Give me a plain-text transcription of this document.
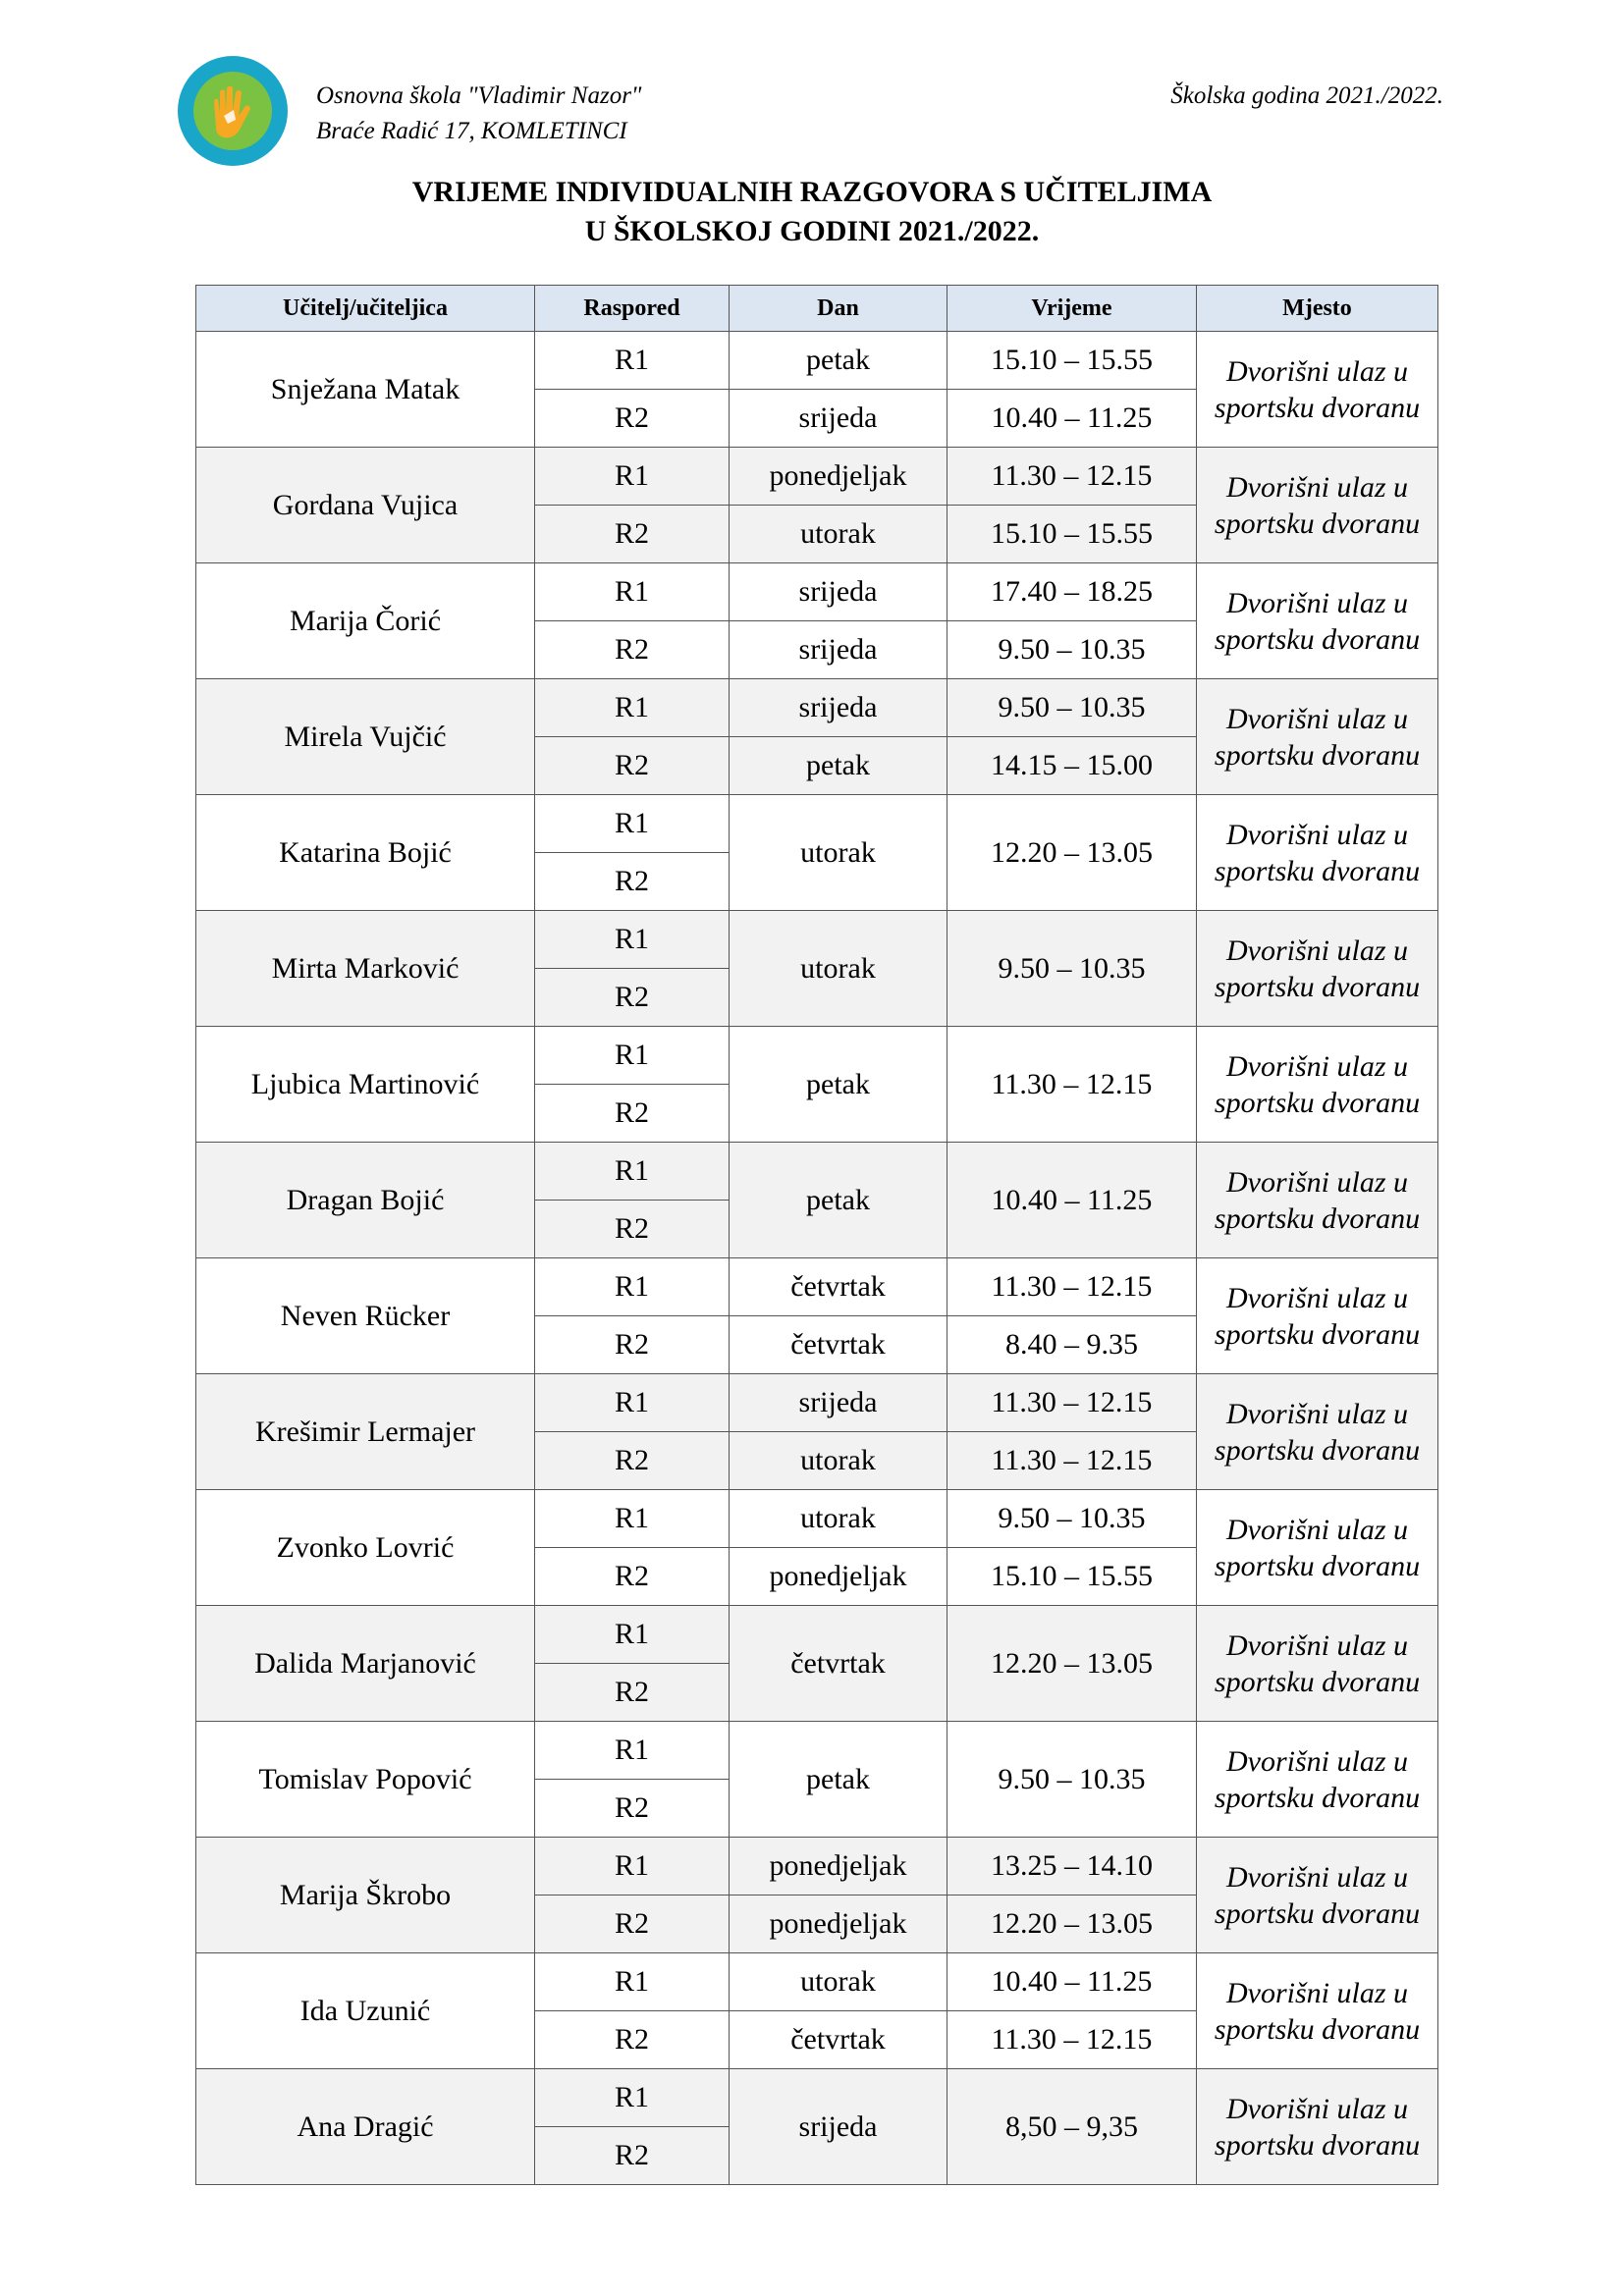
Osnovna škola "Vladimir Nazor"
Braće Radić 17, KOMLETINCI
Školska godina 2021./2022.
VRIJEME INDIVIDUALNIH RAZGOVORA S UČITELJIMA
U ŠKOLSKOJ GODINI 2021./2022.
Učitelj/učiteljica	Raspored	Dan	Vrijeme	Mjesto
Snježana Matak	R1	petak	15.10 – 15.55	Dvorišni ulaz u
sportsku dvoranu

	R2	srijeda	10.40 – 11.25	
Gordana Vujica	R1	ponedjeljak	11.30 – 12.15	Dvorišni ulaz u
sportsku dvoranu

	R2	utorak	15.10 – 15.55	
Marija Čorić	R1	srijeda	17.40 – 18.25	Dvorišni ulaz u
sportsku dvoranu

	R2	srijeda	9.50 – 10.35	
Mirela Vujčić	R1	srijeda	9.50 – 10.35	Dvorišni ulaz u
sportsku dvoranu

	R2	petak	14.15 – 15.00	
Katarina Bojić	R1	utorak	12.20 – 13.05	Dvorišni ulaz u
sportsku dvoranu

	R2			
Mirta Marković	R1	utorak	9.50 – 10.35	Dvorišni ulaz u
sportsku dvoranu

	R2			
Ljubica Martinović	R1	petak	11.30 – 12.15	Dvorišni ulaz u
sportsku dvoranu

	R2			
Dragan Bojić	R1	petak	10.40 – 11.25	Dvorišni ulaz u
sportsku dvoranu

	R2			
Neven Rücker	R1	četvrtak	11.30 – 12.15	Dvorišni ulaz u
sportsku dvoranu

	R2	četvrtak	8.40 – 9.35	
Krešimir Lermajer	R1	srijeda	11.30 – 12.15	Dvorišni ulaz u
sportsku dvoranu

	R2	utorak	11.30 – 12.15	
Zvonko Lovrić	R1	utorak	9.50 – 10.35	Dvorišni ulaz u
sportsku dvoranu

	R2	ponedjeljak	15.10 – 15.55	
Dalida Marjanović	R1	četvrtak	12.20 – 13.05	Dvorišni ulaz u
sportsku dvoranu

	R2			
Tomislav Popović	R1	petak	9.50 – 10.35	Dvorišni ulaz u
sportsku dvoranu

	R2			
Marija Škrobo	R1	ponedjeljak	13.25 – 14.10	Dvorišni ulaz u
sportsku dvoranu

	R2	ponedjeljak	12.20 – 13.05	
Ida Uzunić	R1	utorak	10.40 – 11.25	Dvorišni ulaz u
sportsku dvoranu

	R2	četvrtak	11.30 – 12.15	
Ana Dragić	R1	srijeda	8,50 – 9,35	Dvorišni ulaz u
sportsku dvoranu

	R2			
